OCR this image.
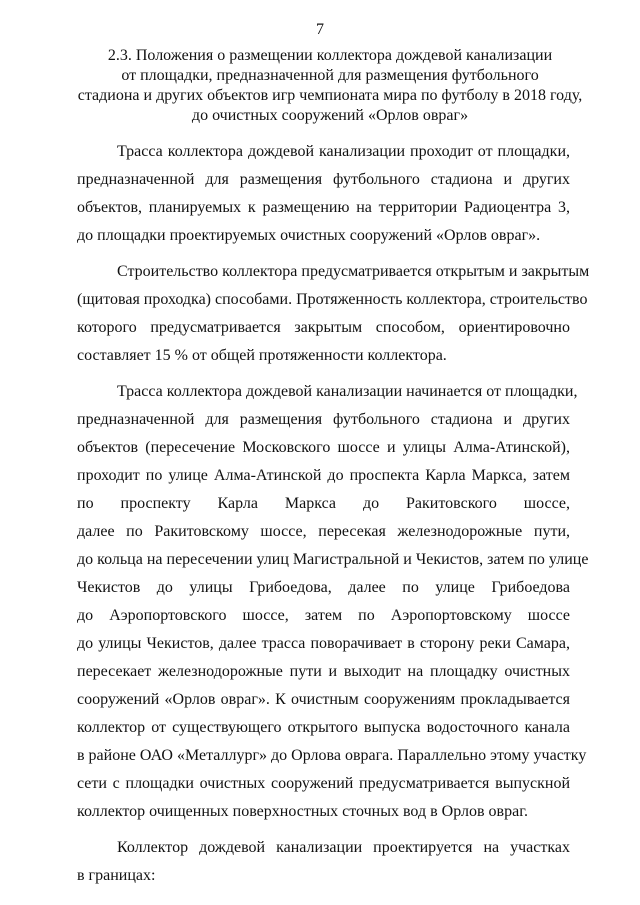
7
2.3. Положения о размещении коллектора дождевой канализации
от площадки, предназначенной для размещения футбольного
стадиона и других объектов игр чемпионата мира по футболу в 2018 году,
до очистных сооружений «Орлов овраг»

Трасса коллектора дождевой канализации проходит от площадки,
предназначенной для размещения футбольного стадиона и других
объектов, планируемых к размещению на территории Радиоцентра 3,
до площадки проектируемых очистных сооружений «Орлов овраг».

Строительство коллектора предусматривается открытым и закрытым
(щитовая проходка) способами. Протяженность коллектора, строительство
которого предусматривается закрытым способом, ориентировочно
составляет 15 % от общей протяженности коллектора.

Трасса коллектора дождевой канализации начинается от площадки,
предназначенной для размещения футбольного стадиона и других
объектов (пересечение Московского шоссе и улицы Алма-Атинской),
проходит по улице Алма-Атинской до проспекта Карла Маркса, затем
по проспекту Карла Маркса до Ракитовского шоссе,
далее по Ракитовскому шоссе, пересекая железнодорожные пути,
до кольца на пересечении улиц Магистральной и Чекистов, затем по улице
Чекистов до улицы Грибоедова, далее по улице Грибоедова
до Аэропортовского шоссе, затем по Аэропортовскому шоссе
до улицы Чекистов, далее трасса поворачивает в сторону реки Самара,
пересекает железнодорожные пути и выходит на площадку очистных
сооружений «Орлов овраг». К очистным сооружениям прокладывается
коллектор от существующего открытого выпуска водосточного канала
в районе ОАО «Металлург» до Орлова оврага. Параллельно этому участку
сети с площадки очистных сооружений предусматривается выпускной
коллектор очищенных поверхностных сточных вод в Орлов овраг.

Коллектор дождевой канализации проектируется на участках
в границах:
